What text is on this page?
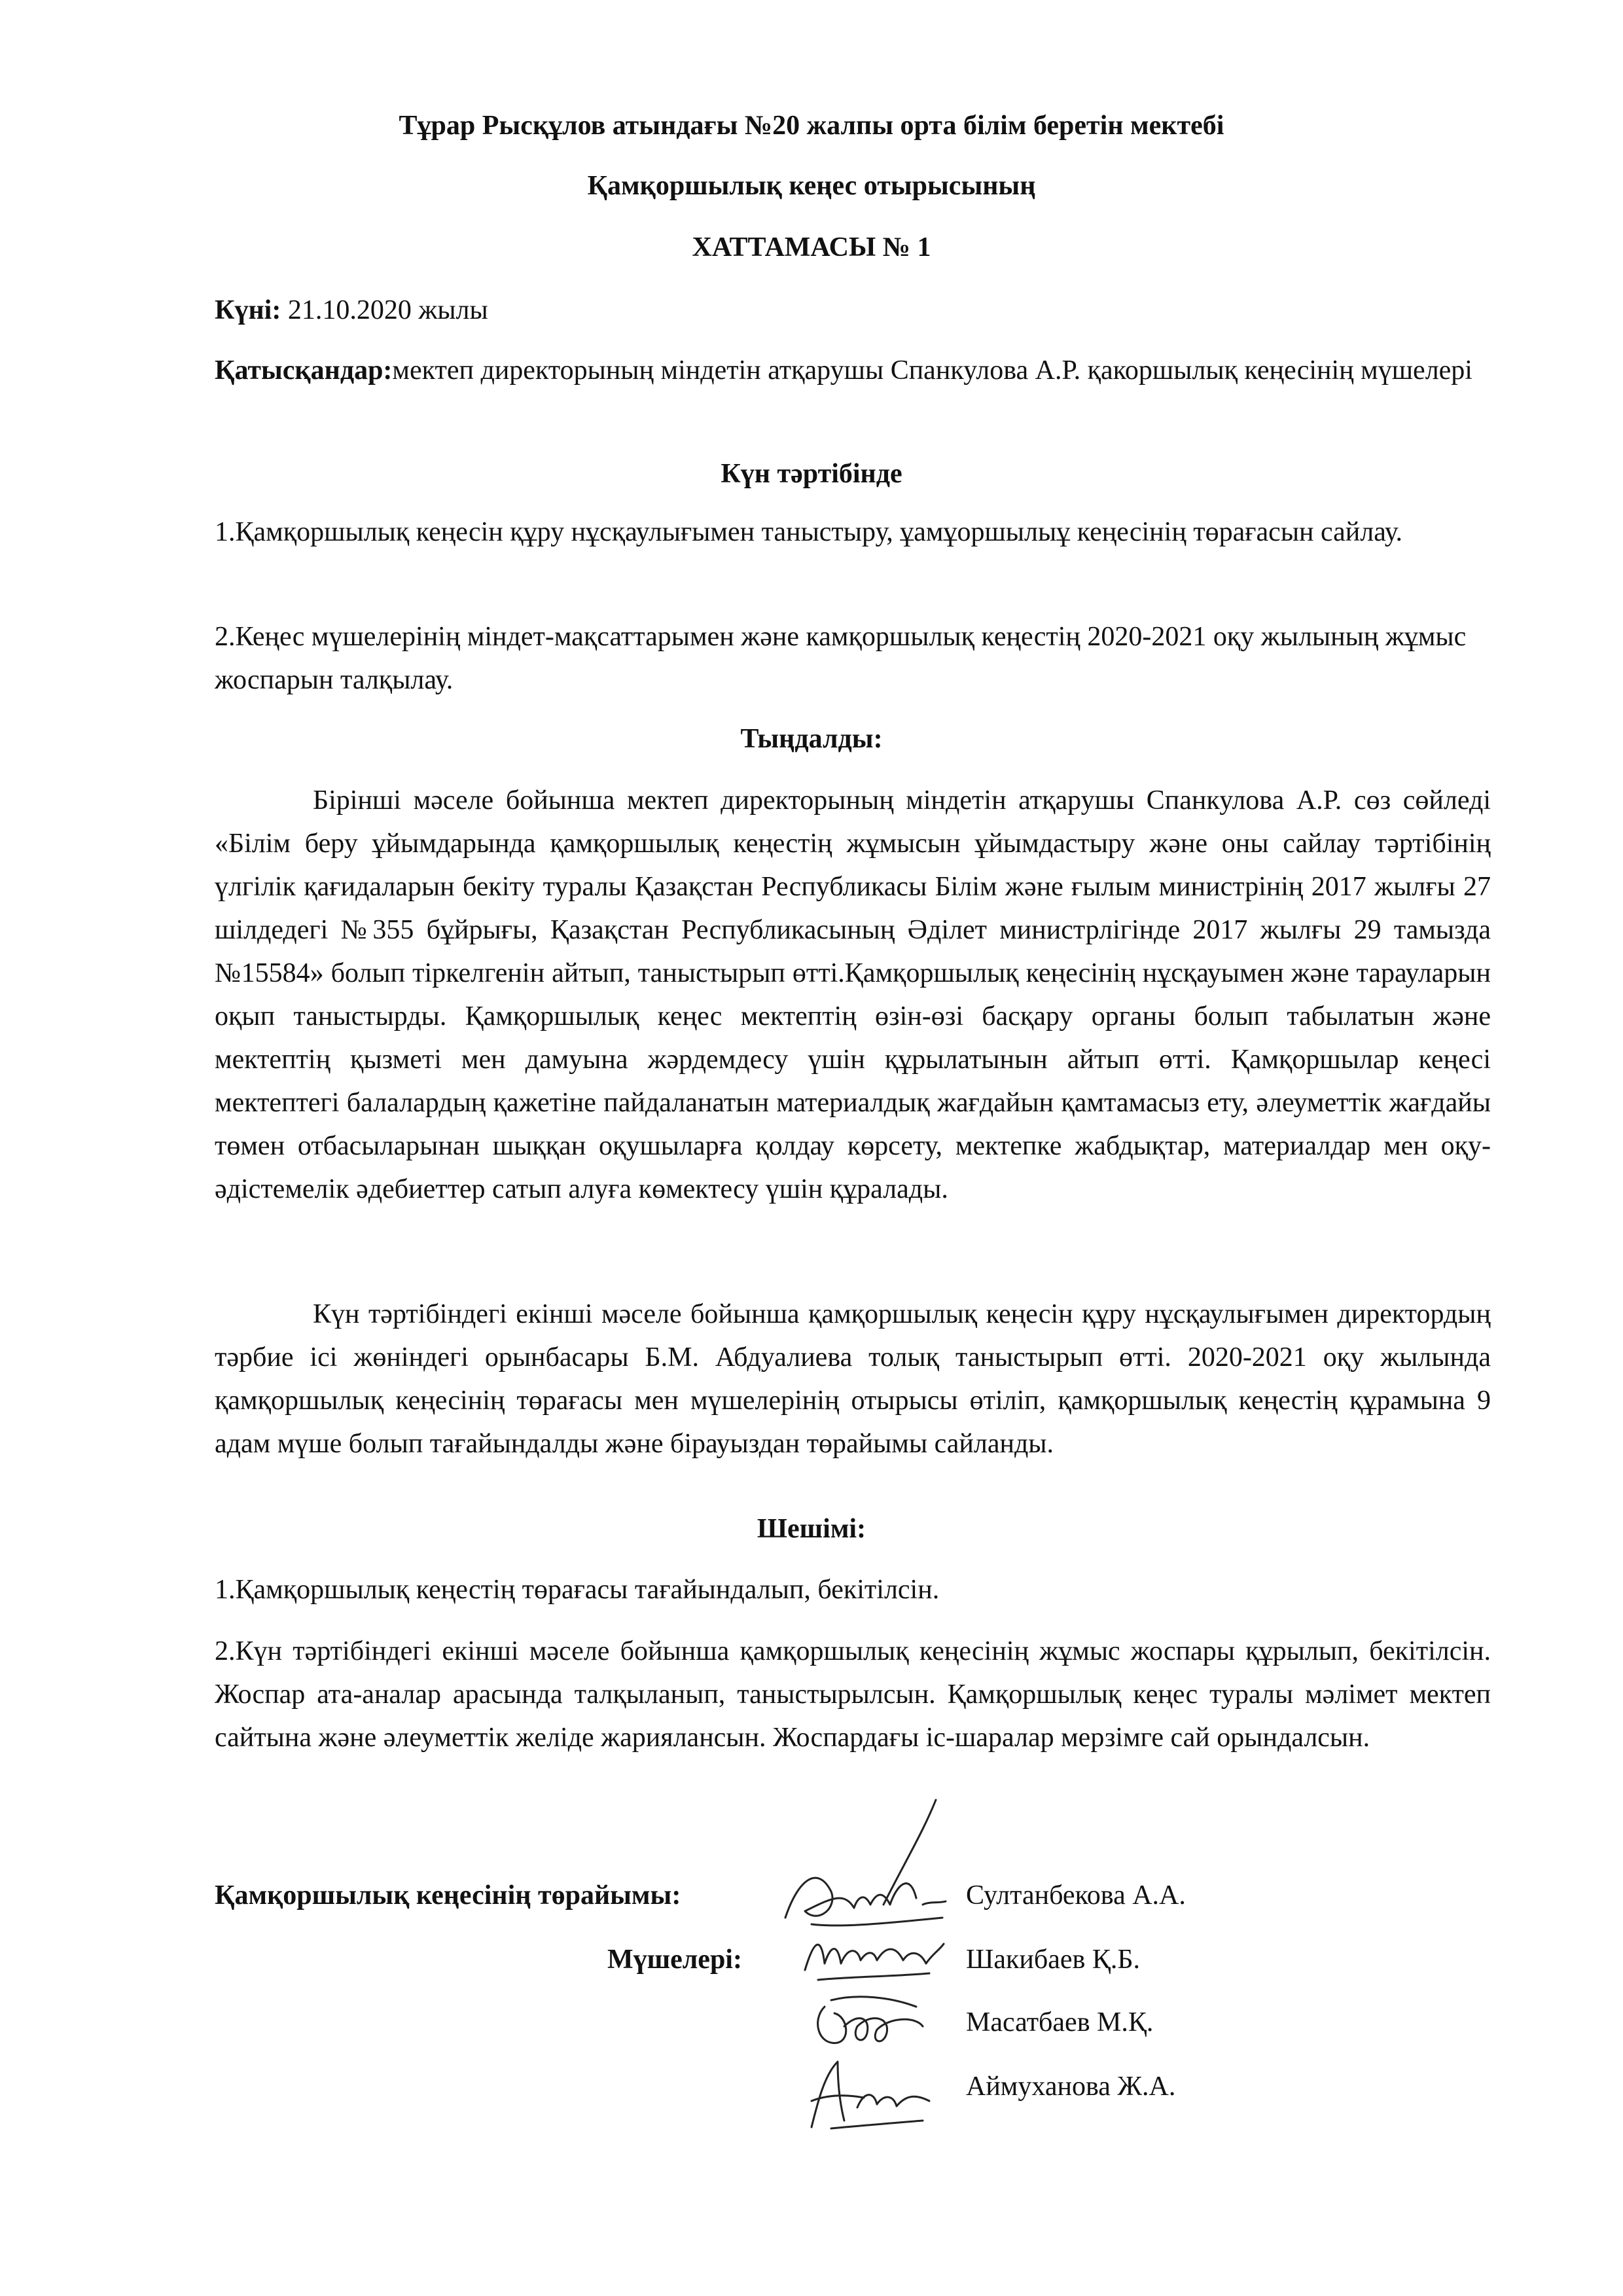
Тұрар Рысқұлов атындағы №20 жалпы орта білім беретін мектебі
Қамқоршылық кеңес отырысының
ХАТТАМАСЫ № 1
Күні: 21.10.2020 жылы
Қатысқандар:мектеп директорының міндетін атқарушы Спанкулова А.Р. қакоршылық кеңесінің мүшелері
Күн тәртібінде
1.Қамқоршылық кеңесін құру нұсқаулығымен таныстыру, ұамұоршылыұ кеңесінің төрағасын сайлау.
2.Кеңес мүшелерінің міндет-мақсаттарымен және камқоршылық кеңестің 2020-2021 оқу жылының жұмыс жоспарын талқылау.
Тыңдалды:
Бірінші мәселе бойынша мектеп директорының міндетін атқарушы Спанкулова А.Р. сөз сөйледі «Білім беру ұйымдарында қамқоршылық кеңестің жұмысын ұйымдастыру және оны сайлау тәртібінің үлгілік қағидаларын бекіту туралы Қазақстан Республикасы Білім және ғылым министрінің 2017 жылғы 27 шілдедегі №355 бұйрығы, Қазақстан Республикасының Әділет министрлігінде 2017 жылғы 29 тамызда №15584» болып тіркелгенін айтып, таныстырып өтті.Қамқоршылық кеңесінің нұсқауымен және тарауларын оқып таныстырды. Қамқоршылық кеңес мектептің өзін-өзі басқару органы болып табылатын және мектептің қызметі мен дамуына жәрдемдесу үшін құрылатынын айтып өтті. Қамқоршылар кеңесі мектептегі балалардың қажетіне пайдаланатын материалдық жағдайын қамтамасыз ету, әлеуметтік жағдайы төмен отбасыларынан шыққан оқушыларға қолдау көрсету, мектепке жабдықтар, материалдар мен оқу-әдістемелік әдебиеттер сатып алуға көмектесу үшін құралады.
Күн тәртібіндегі екінші мәселе бойынша қамқоршылық кеңесін құру нұсқаулығымен директордың тәрбие ісі жөніндегі орынбасары Б.М. Абдуалиева толық таныстырып өтті. 2020-2021 оқу жылында қамқоршылық кеңесінің төрағасы мен мүшелерінің отырысы өтіліп, қамқоршылық кеңестің құрамына 9 адам мүше болып тағайындалды және бірауыздан төрайымы сайланды.
Шешімі:
1.Қамқоршылық кеңестің төрағасы тағайындалып, бекітілсін.
2.Күн тәртібіндегі екінші мәселе бойынша қамқоршылық кеңесінің жұмыс жоспары құрылып, бекітілсін. Жоспар ата-аналар арасында талқыланып, таныстырылсын. Қамқоршылық кеңес туралы мәлімет мектеп сайтына және әлеуметтік желіде жариялансын. Жоспардағы іс-шаралар мерзімге сай орындалсын.
Қамқоршылық кеңесінің төрайымы:
Мүшелері:
Султанбекова А.А.
Шакибаев Қ.Б.
Масатбаев М.Қ.
Аймуханова Ж.А.
